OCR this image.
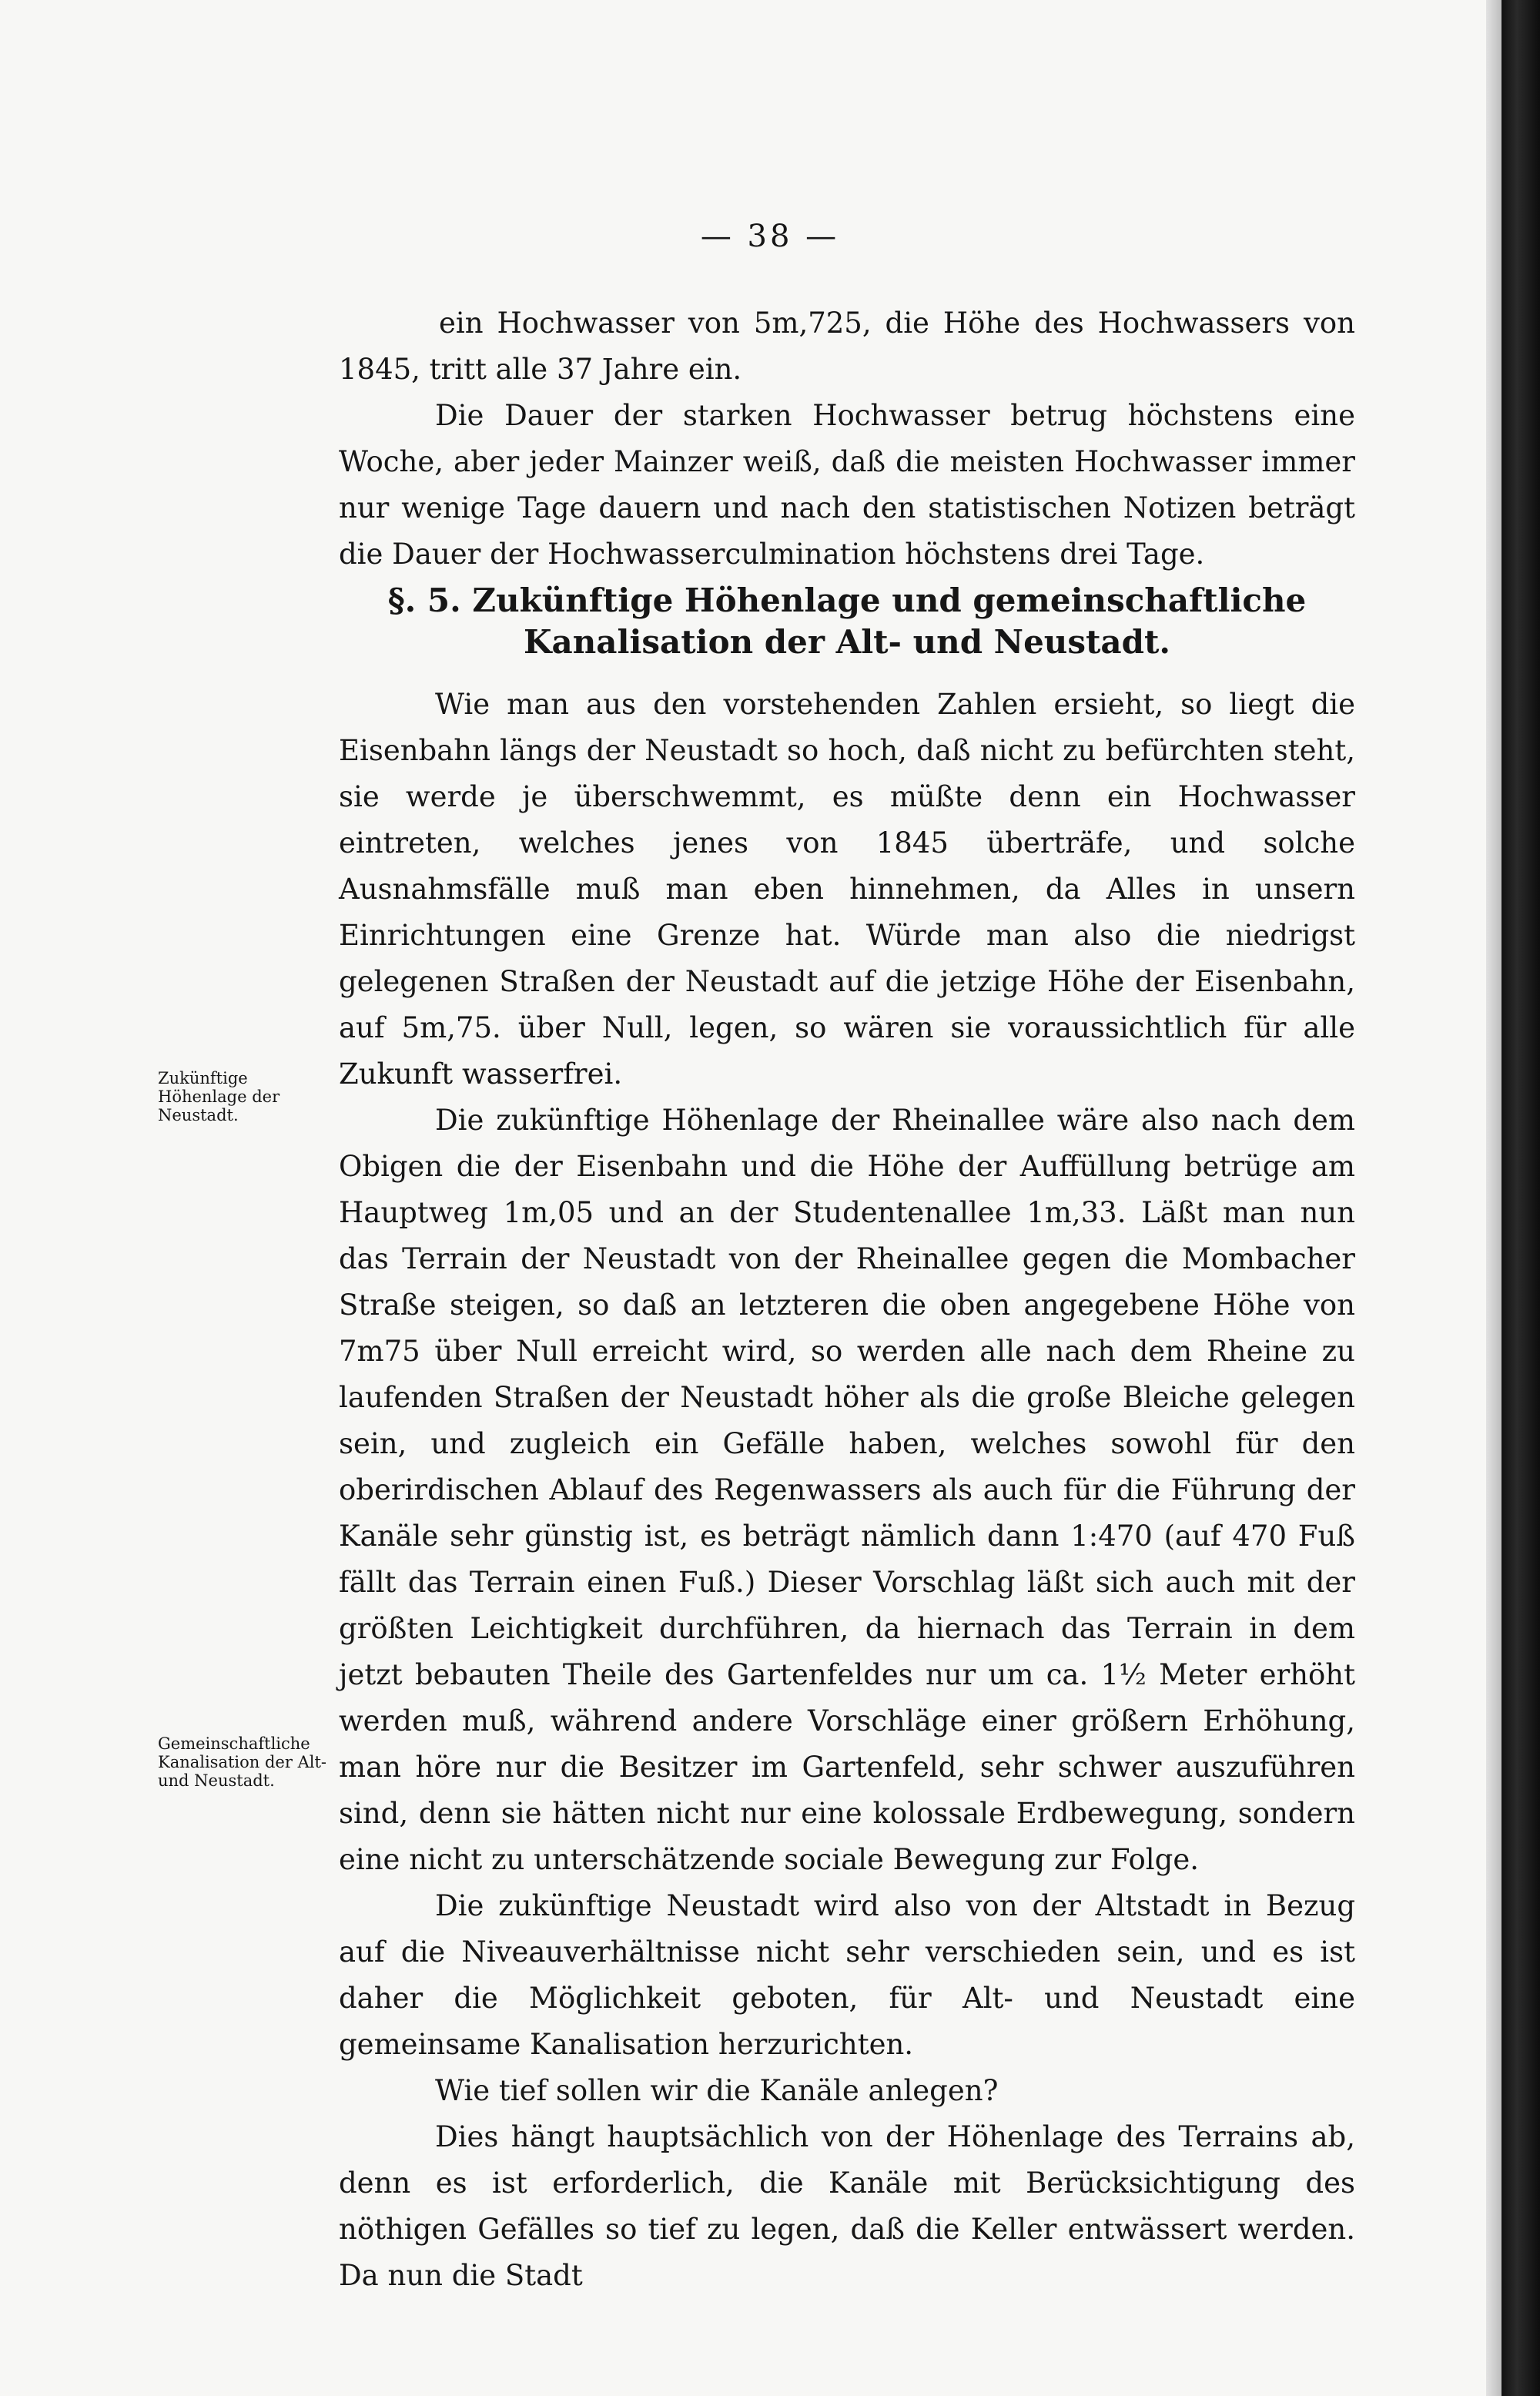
— 38 —

ein Hochwasser von 5m,725, die Höhe des Hochwassers von 1845, tritt alle 37 Jahre ein.

Die Dauer der starken Hochwasser betrug höchstens eine Woche, aber jeder Mainzer weiß, daß die meisten Hochwasser immer nur wenige Tage dauern und nach den statistischen Notizen beträgt die Dauer der Hochwasserculmination höchstens drei Tage.

§. 5. Zukünftige Höhenlage und gemeinschaftliche Kanalisation der Alt- und Neustadt.

Wie man aus den vorstehenden Zahlen ersieht, so liegt die Eisenbahn längs der Neustadt so hoch, daß nicht zu befürchten steht, sie werde je überschwemmt, es müßte denn ein Hochwasser eintreten, welches jenes von 1845 überträfe, und solche Ausnahmsfälle muß man eben hinnehmen, da Alles in unsern Einrichtungen eine Grenze hat. Würde man also die niedrigst gelegenen Straßen der Neustadt auf die jetzige Höhe der Eisenbahn, auf 5m,75. über Null, legen, so wären sie voraussichtlich für alle Zukunft wasserfrei.

Die zukünftige Höhenlage der Rheinallee wäre also nach dem Obigen die der Eisenbahn und die Höhe der Auffüllung betrüge am Hauptweg 1m,05 und an der Studentenallee 1m,33. Läßt man nun das Terrain der Neustadt von der Rheinallee gegen die Mombacher Straße steigen, so daß an letzteren die oben angegebene Höhe von 7m75 über Null erreicht wird, so werden alle nach dem Rheine zu laufenden Straßen der Neustadt höher als die große Bleiche gelegen sein, und zugleich ein Gefälle haben, welches sowohl für den oberirdischen Ablauf des Regenwassers als auch für die Führung der Kanäle sehr günstig ist, es beträgt nämlich dann 1:470 (auf 470 Fuß fällt das Terrain einen Fuß.) Dieser Vorschlag läßt sich auch mit der größten Leichtigkeit durchführen, da hiernach das Terrain in dem jetzt bebauten Theile des Gartenfeldes nur um ca. 1½ Meter erhöht werden muß, während andere Vorschläge einer größern Erhöhung, man höre nur die Besitzer im Gartenfeld, sehr schwer auszuführen sind, denn sie hätten nicht nur eine kolossale Erdbewegung, sondern eine nicht zu unterschätzende sociale Bewegung zur Folge.

Die zukünftige Neustadt wird also von der Altstadt in Bezug auf die Niveauverhältnisse nicht sehr verschieden sein, und es ist daher die Möglichkeit geboten, für Alt- und Neustadt eine gemeinsame Kanalisation herzurichten.

Wie tief sollen wir die Kanäle anlegen?

Dies hängt hauptsächlich von der Höhenlage des Terrains ab, denn es ist erforderlich, die Kanäle mit Berücksichtigung des nöthigen Gefälles so tief zu legen, daß die Keller entwässert werden. Da nun die Stadt

Zukünftige Höhenlage der Neustadt.
Gemeinschaftliche Kanalisation der Alt- und Neustadt.
